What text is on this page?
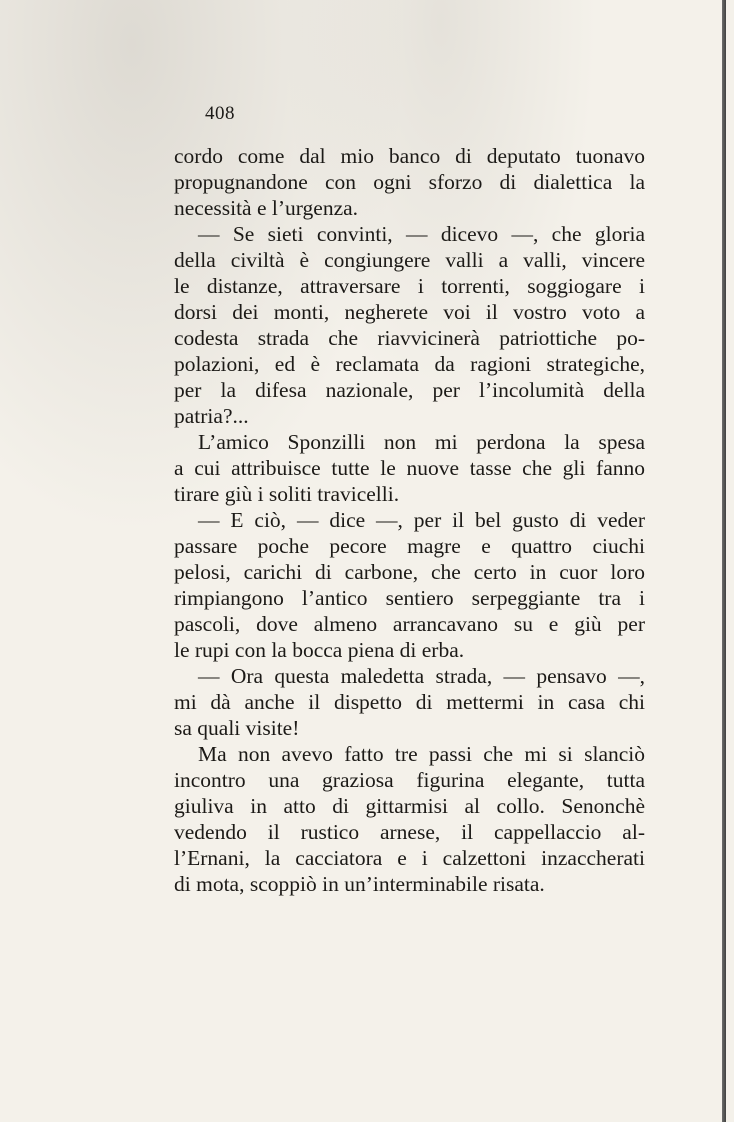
408
cordo come dal mio banco di deputato tuonavo
propugnandone con ogni sforzo di dialettica la
necessità e l’urgenza.
— Se sieti convinti, — dicevo —, che gloria
della civiltà è congiungere valli a valli, vincere
le distanze, attraversare i torrenti, soggiogare i
dorsi dei monti, negherete voi il vostro voto a
codesta strada che riavvicinerà patriottiche po-
polazioni, ed è reclamata da ragioni strategiche,
per la difesa nazionale, per l’incolumità della
patria?...
L’amico Sponzilli non mi perdona la spesa
a cui attribuisce tutte le nuove tasse che gli fanno
tirare giù i soliti travicelli.
— E ciò, — dice —, per il bel gusto di veder
passare poche pecore magre e quattro ciuchi
pelosi, carichi di carbone, che certo in cuor loro
rimpiangono l’antico sentiero serpeggiante tra i
pascoli, dove almeno arrancavano su e giù per
le rupi con la bocca piena di erba.
— Ora questa maledetta strada, — pensavo —,
mi dà anche il dispetto di mettermi in casa chi
sa quali visite!
Ma non avevo fatto tre passi che mi si slanciò
incontro una graziosa figurina elegante, tutta
giuliva in atto di gittarmisi al collo. Senonchè
vedendo il rustico arnese, il cappellaccio al-
l’Ernani, la cacciatora e i calzettoni inzaccherati
di mota, scoppiò in un’interminabile risata.
